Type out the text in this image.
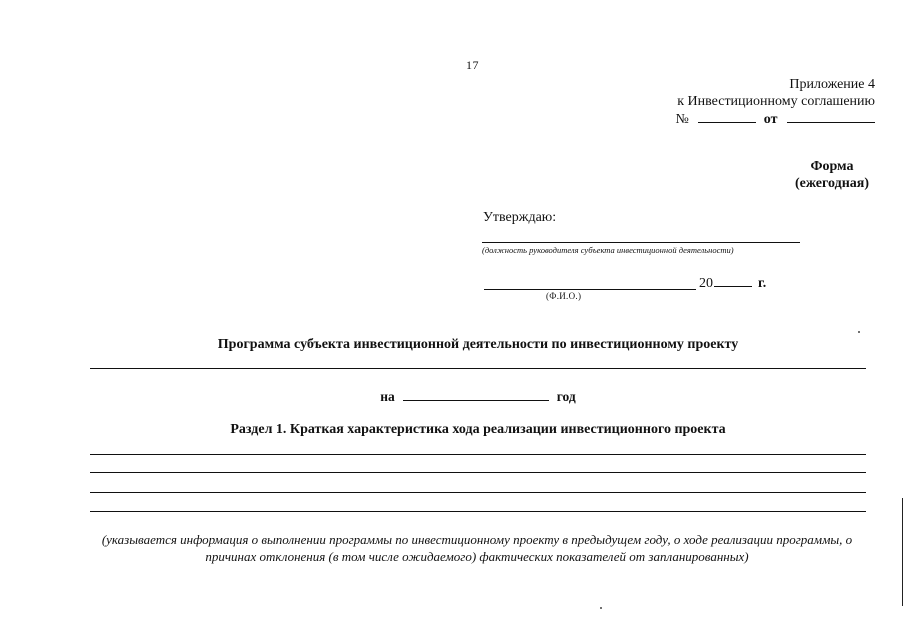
17
Приложение 4
к Инвестиционному соглашению
№	от
Форма
(ежегодная)
Утверждаю:
(должность руководителя субъекта инвестиционной деятельности)
20	г.
(Ф.И.О.)
Программа субъекта инвестиционной деятельности по инвестиционному проекту
на	год
Раздел 1. Краткая характеристика хода реализации инвестиционного проекта
(указывается информация о выполнении программы по инвестиционному проекту в предыдущем году, о ходе реализации программы, о причинах отклонения (в том числе ожидаемого) фактических показателей от запланированных)
